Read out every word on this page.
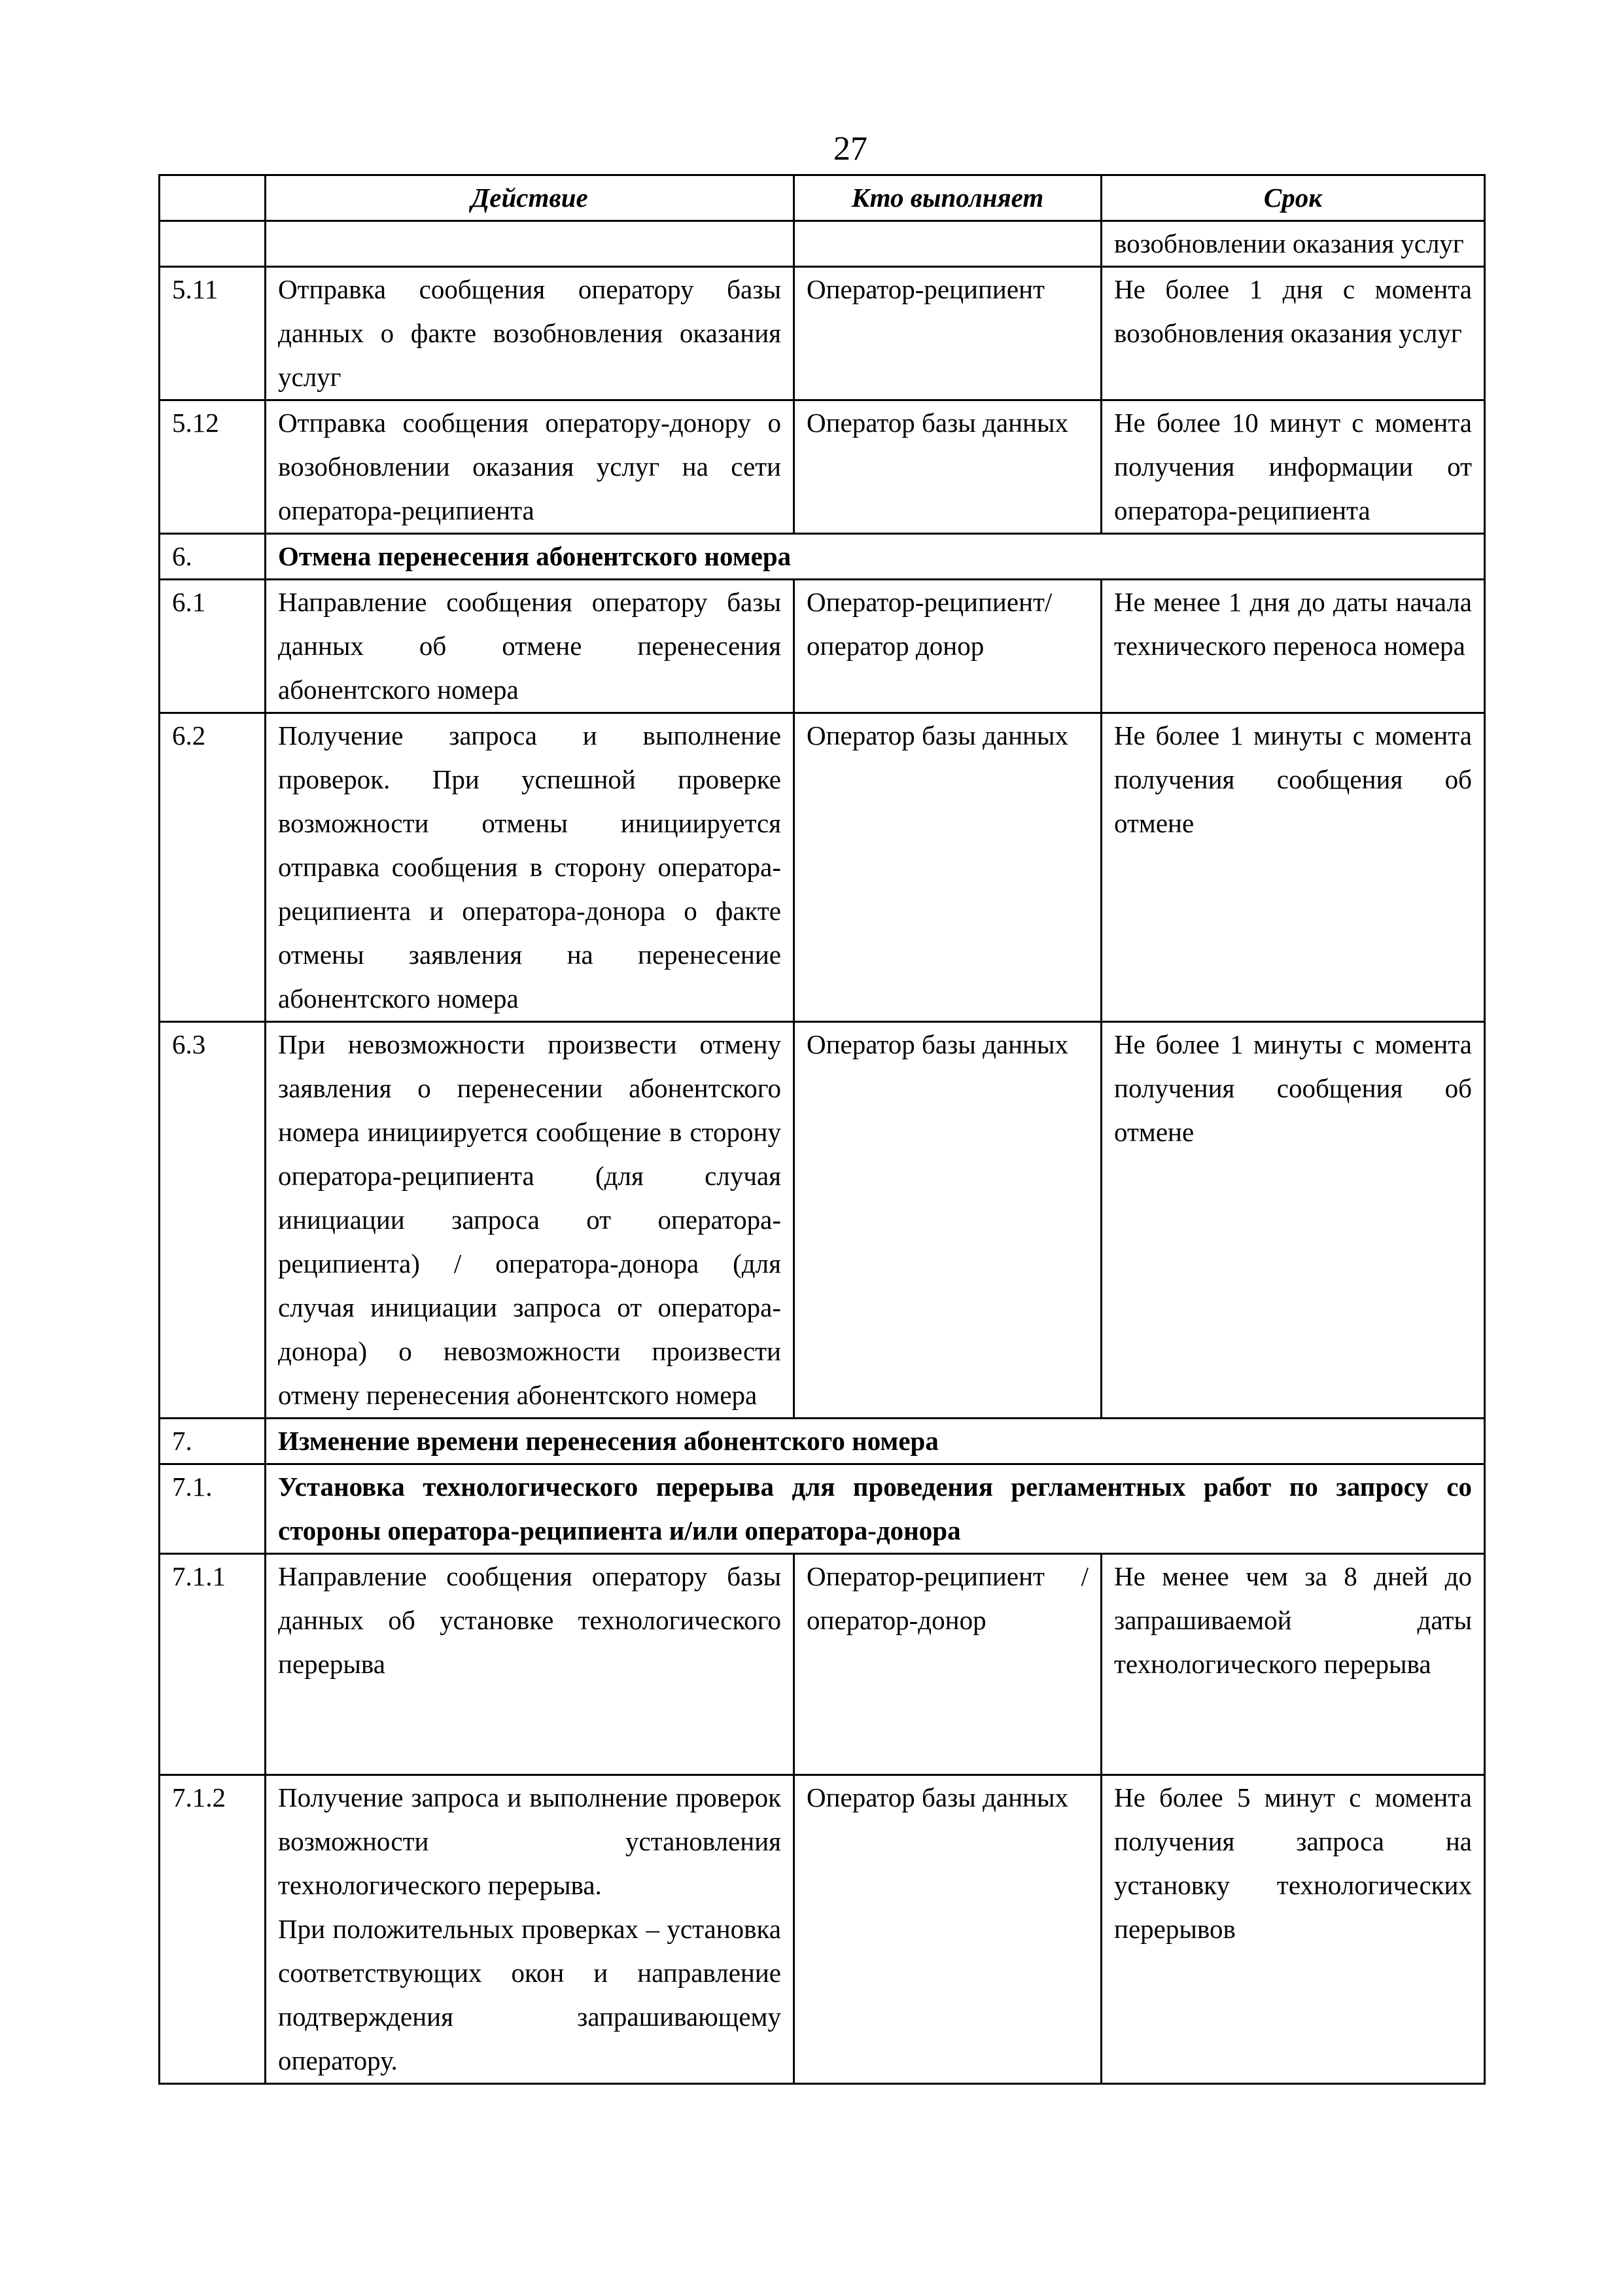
27
	Действие	Кто выполняет	Срок
			возобновлении оказания услуг
5.11	Отправка сообщения оператору базы данных о факте возобновления оказания услуг	Оператор-реципиент	Не более 1 дня с момента возобновления оказания услуг
5.12	Отправка сообщения оператору-донору о возобновлении оказания услуг на сети оператора-реципиента	Оператор базы данных	Не более 10 минут с момента получения информации от оператора-реципиента
6.	Отмена перенесения абонентского номера		
6.1	Направление сообщения оператору базы данных об отмене перенесения абонентского номера	Оператор-реципиент/оператор донор	Не менее 1 дня до даты начала технического переноса номера
6.2	Получение запроса и выполнение проверок. При успешной проверке возможности отмены инициируется отправка сообщения в сторону оператора-реципиента и оператора-донора о факте отмены заявления на перенесение абонентского номера	Оператор базы данных	Не более 1 минуты с момента получения сообщения об отмене
6.3	При невозможности произвести отмену заявления о перенесении абонентского номера инициируется сообщение в сторону оператора-реципиента (для случая инициации запроса от оператора-реципиента) / оператора-донора (для случая инициации запроса от оператора-донора) о невозможности произвести отмену перенесения абонентского номера	Оператор базы данных	Не более 1 минуты с момента получения сообщения об отмене
7.	Изменение времени перенесения абонентского номера		
7.1.	Установка технологического перерыва для проведения регламентных работ по запросу со стороны оператора-реципиента и/или оператора-донора		
7.1.1	Направление сообщения оператору базы данных об установке технологического перерыва	Оператор-реципиент / оператор-донор	Не менее чем за 8 дней до запрашиваемой даты технологического перерыва
7.1.2	Получение запроса и выполнение проверок возможности установления технологического перерыва.
При положительных проверках – установка соответствующих окон и направление подтверждения запрашивающему оператору.	Оператор базы данных	Не более 5 минут с момента получения запроса на установку технологических перерывов
